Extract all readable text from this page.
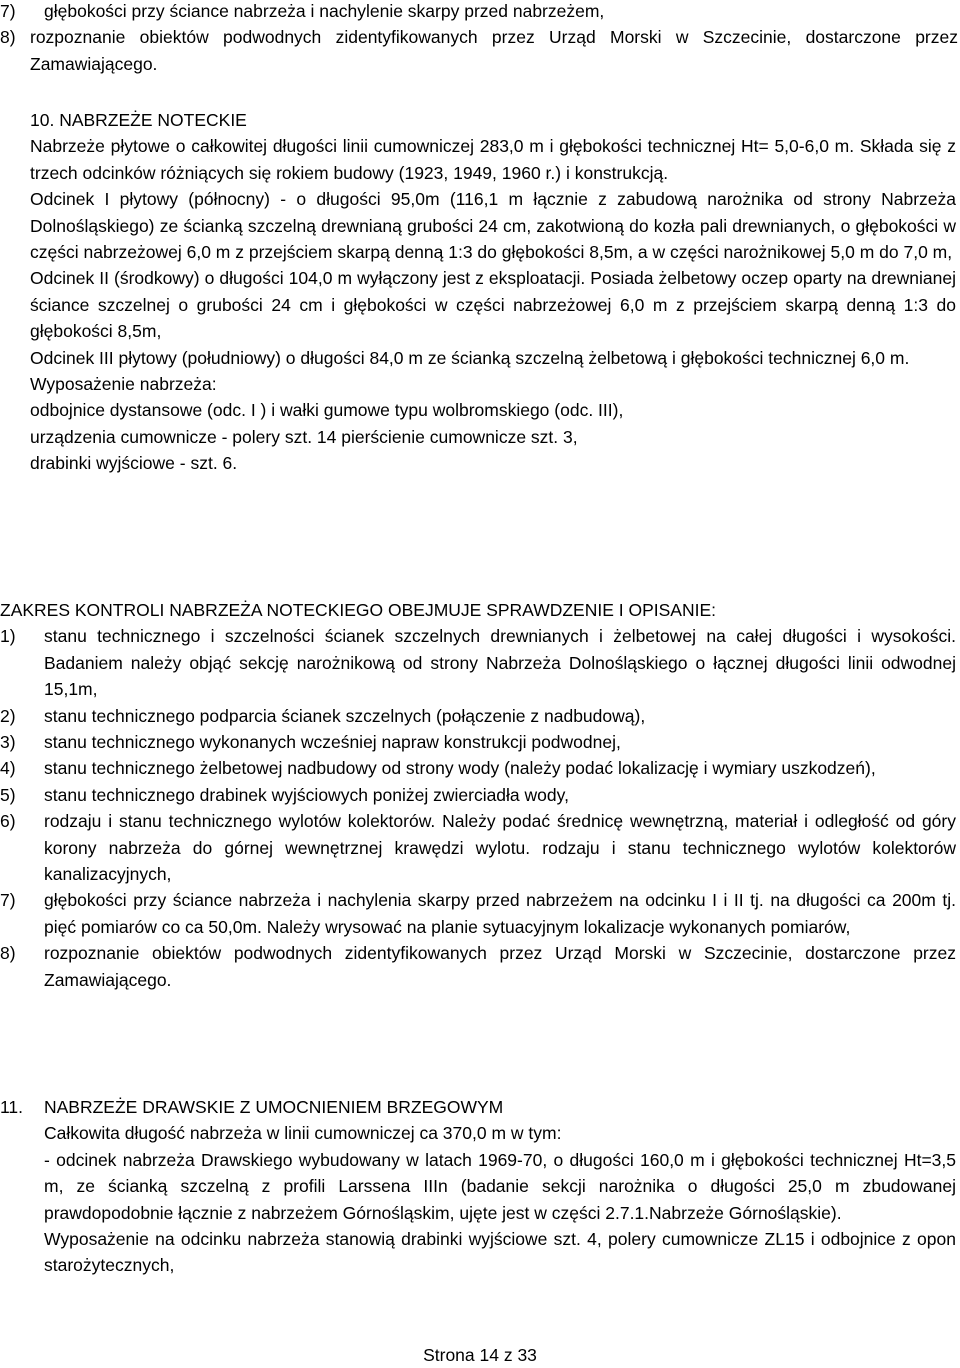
7)	głębokości przy ściance nabrzeża i nachylenie skarpy przed nabrzeżem,
8) rozpoznanie obiektów podwodnych zidentyfikowanych przez Urząd Morski w Szczecinie, dostarczone przez Zamawiającego.
10. NABRZEŻE NOTECKIE
Nabrzeże płytowe o całkowitej długości linii cumowniczej 283,0 m i głębokości technicznej Ht= 5,0-6,0 m. Składa się z trzech odcinków różniących się rokiem budowy (1923, 1949, 1960 r.) i konstrukcją.
Odcinek I płytowy (północny) - o długości 95,0m (116,1 m łącznie z zabudową narożnika od strony Nabrzeża Dolnośląskiego) ze ścianką szczelną drewnianą grubości 24 cm, zakotwioną do kozła pali drewnianych, o głębokości w części nabrzeżowej 6,0 m z przejściem skarpą denną 1:3 do głębokości 8,5m, a w części narożnikowej 5,0 m do 7,0 m,
Odcinek II (środkowy) o długości 104,0 m wyłączony jest z eksploatacji. Posiada żelbetowy oczep oparty na drewnianej ściance szczelnej o grubości 24 cm i głębokości w części nabrzeżowej 6,0 m z przejściem skarpą denną 1:3 do głębokości 8,5m,
Odcinek III płytowy (południowy) o długości 84,0 m ze ścianką szczelną żelbetową i głębokości technicznej 6,0 m.
Wyposażenie nabrzeża:
odbojnice dystansowe (odc. I ) i wałki gumowe typu wolbromskiego (odc. III),
urządzenia cumownicze - polery szt. 14 pierścienie cumownicze szt. 3,
drabinki wyjściowe - szt. 6.
ZAKRES KONTROLI NABRZEŻA NOTECKIEGO OBEJMUJE SPRAWDZENIE I OPISANIE:
1)	stanu technicznego i szczelności ścianek szczelnych drewnianych i żelbetowej na całej długości i wysokości. Badaniem należy objąć sekcję narożnikową od strony Nabrzeża Dolnośląskiego o łącznej długości linii odwodnej 15,1m,
2)	stanu technicznego podparcia ścianek szczelnych (połączenie z nadbudową),
3)	stanu technicznego wykonanych wcześniej napraw konstrukcji podwodnej,
4)	stanu technicznego żelbetowej nadbudowy od strony wody (należy podać lokalizację i wymiary uszkodzeń),
5)	stanu technicznego drabinek wyjściowych poniżej zwierciadła wody,
6)	rodzaju i stanu technicznego wylotów kolektorów. Należy podać średnicę wewnętrzną, materiał i odległość od góry korony nabrzeża do górnej wewnętrznej krawędzi wylotu. rodzaju i stanu technicznego wylotów kolektorów kanalizacyjnych,
7)	głębokości przy ściance nabrzeża i nachylenia skarpy przed nabrzeżem na odcinku I i II tj. na długości ca 200m tj. pięć pomiarów co ca 50,0m. Należy wrysować na planie sytuacyjnym lokalizacje wykonanych pomiarów,
8)	rozpoznanie obiektów podwodnych zidentyfikowanych przez Urząd Morski w Szczecinie, dostarczone przez Zamawiającego.
11.	NABRZEŻE DRAWSKIE Z UMOCNIENIEM BRZEGOWYM
Całkowita długość nabrzeża w linii cumowniczej ca 370,0 m w tym:
- odcinek nabrzeża Drawskiego wybudowany w latach 1969-70, o długości 160,0 m i głębokości technicznej Ht=3,5 m, ze ścianką szczelną z profili Larssena IIIn (badanie sekcji narożnika o długości 25,0 m zbudowanej prawdopodobnie łącznie z nabrzeżem Górnośląskim, ujęte jest w części 2.7.1.Nabrzeże Górnośląskie).
Wyposażenie na odcinku nabrzeża stanowią drabinki wyjściowe szt. 4, polery cumownicze ZL15 i odbojnice z opon starożytecznych,
Strona 14 z 33
